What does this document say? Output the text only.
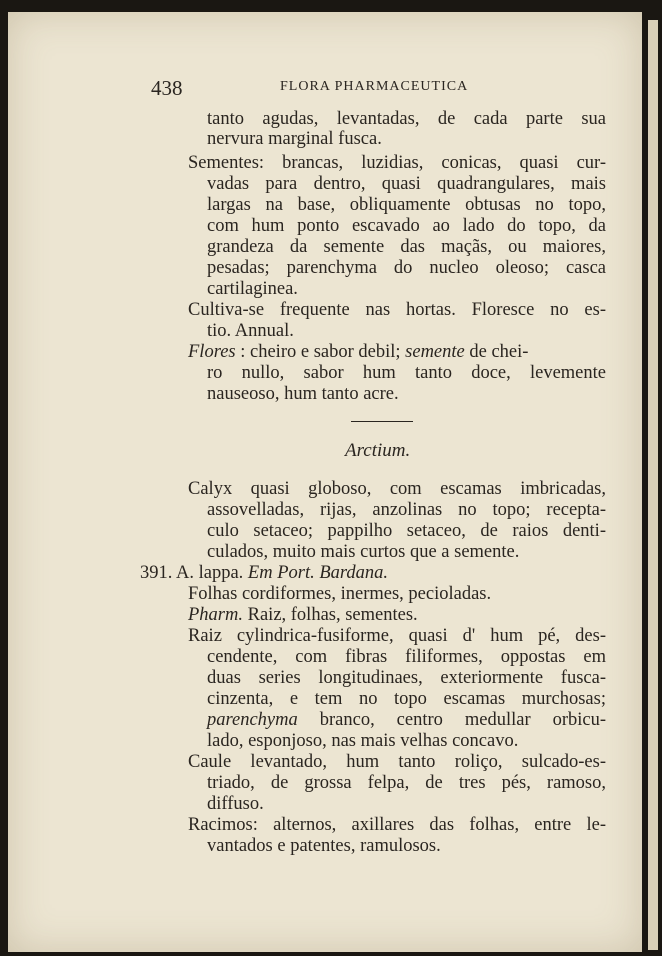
438	FLORA PHARMACEUTICA
tanto agudas, levantadas, de cada parte sua
nervura marginal fusca.
Sementes: brancas, luzidias, conicas, quasi cur-
vadas para dentro, quasi quadrangulares, mais
largas na base, obliquamente obtusas no topo,
com hum ponto escavado ao lado do topo, da
grandeza da semente das maçãs, ou maiores,
pesadas; parenchyma do nucleo oleoso; casca
cartilaginea.
Cultiva-se frequente nas hortas. Floresce no es-
tio. Annual.
Flores : cheiro e sabor debil; semente de chei-
ro nullo, sabor hum tanto doce, levemente
nauseoso, hum tanto acre.
Arctium.
Calyx quasi globoso, com escamas imbricadas,
assovelladas, rijas, anzolinas no topo; recepta-
culo setaceo; pappilho setaceo, de raios denti-
culados, muito mais curtos que a semente.
391. A. lappa. Em Port. Bardana.
Folhas cordiformes, inermes, pecioladas.
Pharm. Raiz, folhas, sementes.
Raiz cylindrica-fusiforme, quasi d' hum pé, des-
cendente, com fibras filiformes, oppostas em
duas series longitudinaes, exteriormente fusca-
cinzenta, e tem no topo escamas murchosas;
parenchyma branco, centro medullar orbicu-
lado, esponjoso, nas mais velhas concavo.
Caule levantado, hum tanto roliço, sulcado-es-
triado, de grossa felpa, de tres pés, ramoso,
diffuso.
Racimos: alternos, axillares das folhas, entre le-
vantados e patentes, ramulosos.
